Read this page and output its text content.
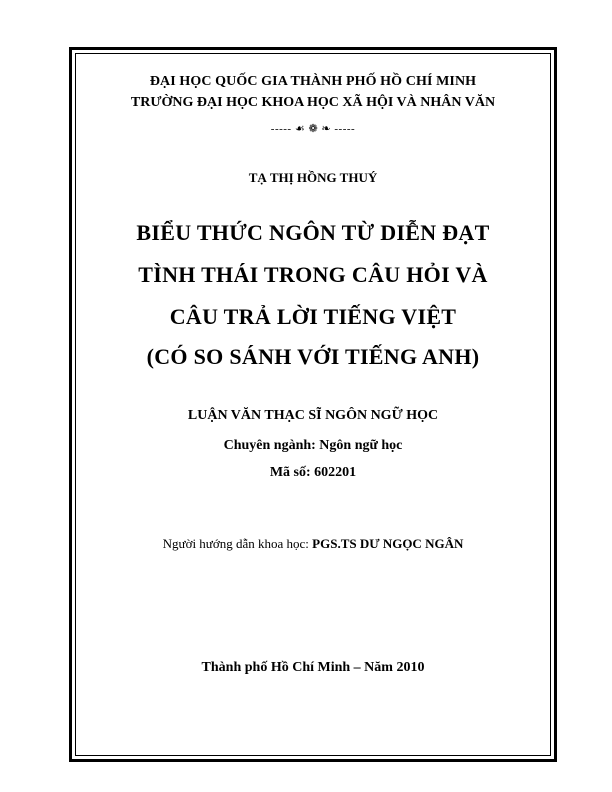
ĐẠI HỌC QUỐC GIA THÀNH PHỐ HỒ CHÍ MINH
TRƯỜNG ĐẠI HỌC KHOA HỌC XÃ HỘI VÀ NHÂN VĂN
----- ☙ ❁ ❧ -----
TẠ THỊ HỒNG THUÝ
BIỂU THỨC NGÔN TỪ DIỄN ĐẠT
TÌNH THÁI TRONG CÂU HỎI VÀ
CÂU TRẢ LỜI TIẾNG VIỆT
(CÓ SO SÁNH VỚI TIẾNG ANH)
LUẬN VĂN THẠC SĨ NGÔN NGỮ HỌC
Chuyên ngành: Ngôn ngữ học
Mã số: 602201
Người hướng dẫn khoa học: PGS.TS DƯ NGỌC NGÂN
Thành phố Hồ Chí Minh – Năm 2010
